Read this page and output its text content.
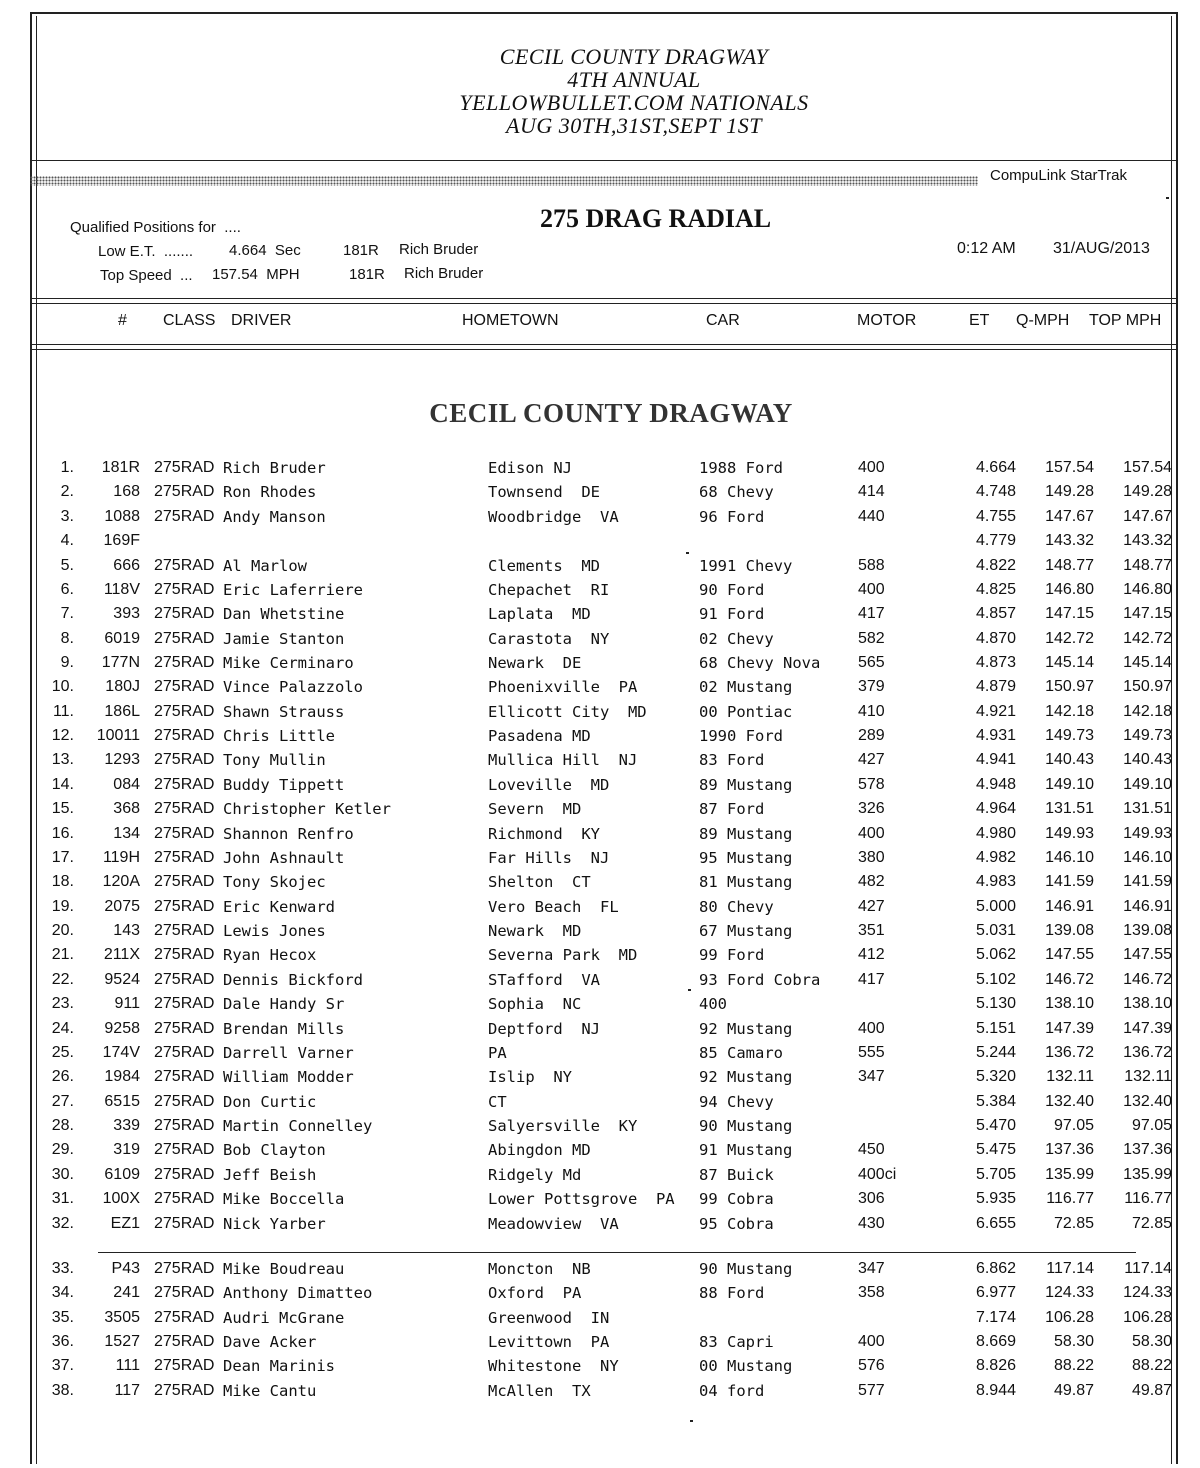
CECIL COUNTY DRAGWAY
4TH ANNUAL
YELLOWBULLET.COM NATIONALS
AUG 30TH,31ST,SEPT 1ST
CompuLink StarTrak
Qualified Positions for  ....
Low E.T.  ....... 4.664  Sec	181R Rich Bruder
Top Speed  ... 157.54  MPH	181R Rich Bruder
275 DRAG RADIAL
0:12 AM 31/AUG/2013
# CLASS DRIVER	HOMETOWN	CAR	MOTOR	ET Q-MPH TOP MPH
CECIL COUNTY DRAGWAY
1.	181R 275RAD Rich Bruder	Edison NJ	1988 Ford	400	4.664	157.54	157.54
2.	168 275RAD Ron Rhodes	Townsend  DE	68 Chevy	414	4.748	149.28	149.28
3.	1088 275RAD Andy Manson	Woodbridge  VA	96 Ford	440	4.755	147.67	147.67
4.	169F	4.779	143.32	143.32
5.	666 275RAD Al Marlow	Clements  MD	1991 Chevy	588	4.822	148.77	148.77
6.	118V 275RAD Eric Laferriere	Chepachet  RI	90 Ford	400	4.825	146.80	146.80
7.	393 275RAD Dan Whetstine	Laplata  MD	91 Ford	417	4.857	147.15	147.15
8.	6019 275RAD Jamie Stanton	Carastota  NY	02 Chevy	582	4.870	142.72	142.72
9.	177N 275RAD Mike Cerminaro	Newark  DE	68 Chevy Nova	565	4.873	145.14	145.14
10.	180J 275RAD Vince Palazzolo	Phoenixville  PA	02 Mustang	379	4.879	150.97	150.97
11.	186L 275RAD Shawn Strauss	Ellicott City  MD	00 Pontiac	410	4.921	142.18	142.18
12.	10011 275RAD Chris Little	Pasadena MD	1990 Ford	289	4.931	149.73	149.73
13.	1293 275RAD Tony Mullin	Mullica Hill  NJ	83 Ford	427	4.941	140.43	140.43
14.	084 275RAD Buddy Tippett	Loveville  MD	89 Mustang	578	4.948	149.10	149.10
15.	368 275RAD Christopher Ketler	Severn  MD	87 Ford	326	4.964	131.51	131.51
16.	134 275RAD Shannon Renfro	Richmond  KY	89 Mustang	400	4.980	149.93	149.93
17.	119H 275RAD John Ashnault	Far Hills  NJ	95 Mustang	380	4.982	146.10	146.10
18.	120A 275RAD Tony Skojec	Shelton  CT	81 Mustang	482	4.983	141.59	141.59
19.	2075 275RAD Eric Kenward	Vero Beach  FL	80 Chevy	427	5.000	146.91	146.91
20.	143 275RAD Lewis Jones	Newark  MD	67 Mustang	351	5.031	139.08	139.08
21.	211X 275RAD Ryan Hecox	Severna Park  MD	99 Ford	412	5.062	147.55	147.55
22.	9524 275RAD Dennis Bickford	STafford  VA	93 Ford Cobra	417	5.102	146.72	146.72
23.	911 275RAD Dale Handy Sr	Sophia  NC	400	5.130	138.10	138.10
24.	9258 275RAD Brendan Mills	Deptford  NJ	92 Mustang	400	5.151	147.39	147.39
25.	174V 275RAD Darrell Varner	PA	85 Camaro	555	5.244	136.72	136.72
26.	1984 275RAD William Modder	Islip  NY	92 Mustang	347	5.320	132.11	132.11
27.	6515 275RAD Don Curtic	CT	94 Chevy	5.384	132.40	132.40
28.	339 275RAD Martin Connelley	Salyersville  KY	90 Mustang	5.470	97.05	97.05
29.	319 275RAD Bob Clayton	Abingdon MD	91 Mustang	450	5.475	137.36	137.36
30.	6109 275RAD Jeff Beish	Ridgely Md	87 Buick	400ci	5.705	135.99	135.99
31.	100X 275RAD Mike Boccella	Lower Pottsgrove  PA	99 Cobra	306	5.935	116.77	116.77
32.	EZ1 275RAD Nick Yarber	Meadowview  VA	95 Cobra	430	6.655	72.85	72.85
33.	P43 275RAD Mike Boudreau	Moncton  NB	90 Mustang	347	6.862	117.14	117.14
34.	241 275RAD Anthony Dimatteo	Oxford  PA	88 Ford	358	6.977	124.33	124.33
35.	3505 275RAD Audri McGrane	Greenwood  IN	7.174	106.28	106.28
36.	1527 275RAD Dave Acker	Levittown  PA	83 Capri	400	8.669	58.30	58.30
37.	111 275RAD Dean Marinis	Whitestone  NY	00 Mustang	576	8.826	88.22	88.22
38.	117 275RAD Mike Cantu	McAllen  TX	04 ford	577	8.944	49.87	49.87
